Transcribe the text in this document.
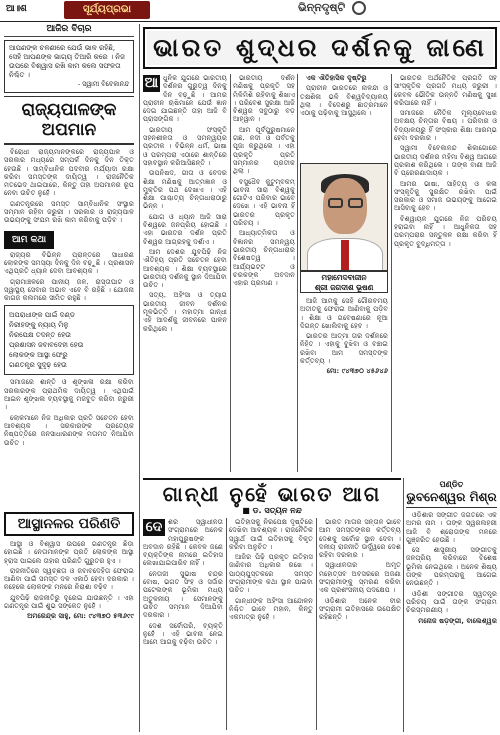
ଆ॥ଶ	ସୂର୍ଯ୍ୟପ୍ରଭା	ଭିନ୍ନଦୃଷ୍ଟି
ଆଜିର ବିଚାର
ଆପଣଙ୍କ ଚଳଣୀରେ ଯେଉଁ ଭାଳ ରହିଛି, ସେହି ଆପଣଙ୍କ ଭାଗ୍ୟ ତିଆରି କରେ । ନିଜ ଉପରେ ବିଶ୍ୱାସ ରଖି କାମ କଲେ ସଫଳତା ନିଶ୍ଚିତ ।
- ସ୍ୱାମୀ ବିବେକାନନ୍ଦ
ରାଜ୍ୟପାଳଙ୍କ ଅପମାନ

ବିରୋଧୀ ରାଜ୍ୟମାନଙ୍କରେ ରାଜ୍ୟପାଳ ଓ ସରକାର ମଧ୍ୟରେ ସମ୍ପର୍କ ଦିନକୁ ଦିନ ତିକ୍ତ ହେଉଛି । ସାମ୍ବିଧାନିକ ପଦବୀର ମର୍ଯ୍ୟାଦା ରକ୍ଷା କରିବା ସମସ୍ତଙ୍କ ଦାୟିତ୍ୱ । ରାଜନୈତିକ ମତଭେଦ ଥାଇପାରେ, କିନ୍ତୁ ତାହା ଅପମାନର ରୂପ ନେବା ଉଚିତ ନୁହେଁ ।

ଗଣତନ୍ତ୍ରରେ ସମସ୍ତ ସାମ୍ବିଧାନିକ ସଂସ୍ଥାର ସମ୍ମାନ ରହିବା ଜରୁରୀ । ସରକାର ଓ ରାଜ୍ୟପାଳ ଉଭୟଙ୍କୁ ସଂଯମ ରଖି କାମ କରିବାକୁ ପଡ଼ିବ ।

ଆମ କଥା

ରାଜ୍ୟର ବିଭିନ୍ନ ପ୍ରାନ୍ତରେ ସାଧାରଣ ଲୋକଙ୍କ ସମସ୍ୟା ଦିନକୁ ଦିନ ବଢ଼ୁଛି । ପ୍ରଶାସନ ଏଥିପ୍ରତି ଧ୍ୟାନ ଦେବା ଆବଶ୍ୟକ ।

ଗ୍ରାମାଞ୍ଚଳରେ ପାନୀୟ ଜଳ, ରାସ୍ତାଘାଟ ଓ ସ୍ୱାସ୍ଥ୍ୟ ସେବାର ଅଭାବ ଏବେ ବି ରହିଛି । ଯୋଜନା କାଗଜ କଲମରେ ସୀମିତ ରହୁଛି ।

ଅପରାଧୀଙ୍କ ପାଇଁ ଦଣ୍ଡ
ନିରୀହଙ୍କୁ ନ୍ୟାୟ ମିଳୁ
ନିରପେକ୍ଷ ତଦନ୍ତ ହେଉ
ପ୍ରଶାସନ ଜବାବଦେହୀ ହେଉ
ଲୋକଙ୍କ ଆସ୍ଥା ଫେରୁ
ଗଣତନ୍ତ୍ର ସୁଦୃଢ଼ ହେଉ

ସମାଜରେ ଶାନ୍ତି ଓ ଶୃଙ୍ଖଳା ରକ୍ଷା କରିବା ସରକାରଙ୍କ ପ୍ରାଥମିକ ଦାୟିତ୍ୱ । ଏଥିପାଇଁ ଆଇନ ଶୃଙ୍ଖଳା ବ୍ୟବସ୍ଥାକୁ ମଜବୁତ କରିବା ଜରୁରୀ ।

ଲୋକମାନେ ନିଜ ଅଧିକାର ପ୍ରତି ସଚେତନ ହେବା ଆବଶ୍ୟକ । ସରକାରଙ୍କ ପ୍ରତ୍ୟେକ ନିଷ୍ପତ୍ତିରେ ଜନସାଧାରଣଙ୍କ ମତାମତ ନିଆଯିବା ଉଚିତ ।

ଆସ୍ଥାନଳର ପରିଣତି

ଆସ୍ଥା ଓ ବିଶ୍ୱାସ ଉପରେ ଗଣତନ୍ତ୍ର ଛିଡ଼ା ହୋଇଛି । ନେତାମାନଙ୍କ ପ୍ରତି ଲୋକଙ୍କ ଆସ୍ଥା ହ୍ରାସ ପାଇଲେ ତାହାର ପରିଣତି ଗୁରୁତର ହୁଏ ।

ରାଜନୀତିରେ ସ୍ୱଚ୍ଛତା ଓ ଜବାବଦେହିତା ଫେରାଇ ଆଣିବା ପାଇଁ ସମସ୍ତ ଦଳ ଏକାଠି ହେବା ଦରକାର । ନହେଲେ ଲୋକଙ୍କ ମନରେ ନିରାଶା ବଢ଼ିବ ।

ଯୁବପିଢ଼ି ରାଜନୀତିରୁ ଦୂରେଇ ଯାଉଛନ୍ତି । ଏହା ଗଣତନ୍ତ୍ର ପାଇଁ ଶୁଭ ସଙ୍କେତ ନୁହେଁ ।

ଅମରେନ୍ଦ୍ର ସାହୁ, ମୋ: ୯୪୩୭୦ ୫୩୬୯୯

ଭାରତ ଶୁଦ୍ଧର ଦର୍ଶନକୁ ଜାଣେ
ଆ ଧୁନିକ ଯୁଗରେ ଭାରତୀୟ ଦର୍ଶନର ଗୁରୁତ୍ୱ ଦିନକୁ ଦିନ ବଢ଼ୁଛି । ଆମର ପ୍ରାଚୀନ ଋଷିମାନେ ଯେଉଁ ଜ୍ଞାନ ଦେଇ ଯାଇଛନ୍ତି ତାହା ଆଜି ବି ପ୍ରାସଙ୍ଗିକ ।

ଭାରତୀୟ ସଂସ୍କୃତି ସହନଶୀଳତା ଓ ସମନ୍ୱୟର ପ୍ରତୀକ । ବିଭିନ୍ନ ଧର୍ମ, ଭାଷା ଓ ପରମ୍ପରା ଏଠାରେ ଶାନ୍ତିରେ ସହାବସ୍ଥାନ କରିଆସିଛନ୍ତି ।

ଉପନିଷଦ, ଗୀତା ଓ ବେଦର ଶିକ୍ଷା ମଣିଷକୁ ଆତ୍ମଜ୍ଞାନ ଓ ମୁକ୍ତିର ପଥ ଦେଖାଏ । ଏହି ଶିକ୍ଷା ପାଶ୍ଚାତ୍ୟ ଚିନ୍ତାଧାରାଠାରୁ ଭିନ୍ନ ।

ଯୋଗ ଓ ଧ୍ୟାନ ଆଜି ସାରା ବିଶ୍ୱରେ ଜନପ୍ରିୟ ହୋଇଛି । ଏହା ଭାରତର ଦର୍ଶନ ପ୍ରତି ବିଶ୍ୱର ଆଗ୍ରହକୁ ଦର୍ଶାଏ ।

ଆମ ଦେଶର ଯୁବପିଢ଼ି ନିଜ ଐତିହ୍ୟ ପ୍ରତି ସଚେତନ ହେବା ଆବଶ୍ୟକ । ଶିକ୍ଷା ବ୍ୟବସ୍ଥାରେ ଭାରତୀୟ ଦର୍ଶନକୁ ସ୍ଥାନ ଦିଆଯିବା ଉଚିତ ।

ସତ୍ୟ, ଅହିଂସା ଓ ତ୍ୟାଗ ଭାରତୀୟ ଜୀବନ ଦର୍ଶନର ମୂଳଭିତ୍ତି । ମହାତ୍ମା ଗାନ୍ଧୀ ଏହି ଆଦର୍ଶକୁ ଜୀବନରେ ପାଳନ କରିଥିଲେ ।

ଭାରତୀୟ ଦର୍ଶନ ମଣିଷକୁ ପ୍ରକୃତି ସହ ମିଳିମିଶି ରହିବାକୁ ଶିଖାଏ । ପରିବେଶ ସୁରକ୍ଷା ଆଜି ବିଶ୍ୱର ସବୁଠାରୁ ବଡ଼ ଆହ୍ୱାନ ।

ଆମ ପୂର୍ବପୁରୁଷମାନେ ଗଛ, ନଦୀ ଓ ପର୍ବତକୁ ପୂଜା କରୁଥିଲେ । ଏହା ପ୍ରକୃତି ପ୍ରତି ସମ୍ମାନର ପ୍ରତୀକ ଥିଲା ।

ବସୁଧୈବ କୁଟୁମ୍ବକମ୍ ଭାବନା ସାରା ବିଶ୍ୱକୁ ଗୋଟିଏ ପରିବାର ଭାବେ ଦେଖେ । ଏହି ଭାବନା ହିଁ ଭାରତର ପ୍ରକୃତ ପରିଚୟ ।

ଆଧ୍ୟାତ୍ମିକତା ଓ ବିଜ୍ଞାନର ସମନ୍ୱୟ ଭାରତୀୟ ଚିନ୍ତାଧାରାର ବିଶେଷତ୍ୱ । ଆର୍ଯ୍ୟଭଟ୍ଟ ଓ ଚରକଙ୍କ ଅବଦାନ ଏହାର ପ୍ରମାଣ ।

ଏକ ଐତିହାସିକ ଦୃଷ୍ଟିରୁ

ପ୍ରାଚୀନ ଭାରତରେ ନାଳନ୍ଦା ଓ ତକ୍ଷଶିଳା ଭଳି ବିଶ୍ୱବିଦ୍ୟାଳୟ ଥିଲା । ବିଦେଶରୁ ଛାତ୍ରମାନେ ଏଠାକୁ ପଢ଼ିବାକୁ ଆସୁଥିଲେ ।

ମହାମେଦବାଜୀନ
ଶ୍ରୀ ଜଗଦୀଶ ଭୂଷଣ

ଆଜି ଆମକୁ ସେହି ଗୌରବମୟ ଅତୀତକୁ ଫେରାଇ ଆଣିବାକୁ ପଡ଼ିବ । ଶିକ୍ଷା ଓ ଗବେଷଣାରେ ନୂଆ ଦିଗନ୍ତ ଖୋଲିବାକୁ ହେବ ।

ଭାରତର ଆତ୍ମା ତାର ଦର୍ଶନରେ ନିହିତ । ଏହାକୁ ବୁଝିବା ଓ ବଞ୍ଚାଇ ରଖିବା ଆମ ସମସ୍ତଙ୍କ କର୍ତ୍ତବ୍ୟ ।

ମୋ: ୯୪୩୭୦ ୪୫୬୪୬

ଭାରତର ଅର୍ଥନୈତିକ ପ୍ରଗତି ସହ ସାଂସ୍କୃତିକ ପ୍ରଗତି ମଧ୍ୟ ଜରୁରୀ । କେବଳ ଭୌତିକ ଉନ୍ନତି ମଣିଷକୁ ସୁଖୀ କରିପାରେ ନାହିଁ ।

ସମାଜରେ ନୈତିକ ମୂଲ୍ୟବୋଧର ଅବକ୍ଷୟ ଚିନ୍ତାର ବିଷୟ । ପରିବାର ଓ ବିଦ୍ୟାଳୟରୁ ହିଁ ସଂସ୍କାର ଶିକ୍ଷା ଆରମ୍ଭ ହେବା ଦରକାର ।

ସ୍ୱାମୀ ବିବେକାନନ୍ଦ ଶିକାଗୋରେ ଭାରତୀୟ ଦର୍ଶନର ମହିମା ବିଶ୍ୱ ଆଗରେ ପ୍ରକାଶ କରିଥିଲେ । ତାଙ୍କ ବାଣୀ ଆଜି ବି ପ୍ରେରଣାଦାୟକ ।

ଆମର ଭାଷା, ସାହିତ୍ୟ ଓ କଳା ସଂସ୍କୃତିକୁ ସୁରକ୍ଷିତ ରଖିବା ପାଇଁ ସରକାର ଓ ସମାଜ ଉଭୟଙ୍କୁ ଆଗେଇ ଆସିବାକୁ ହେବ ।

ବିଶ୍ୱାୟନ ଯୁଗରେ ନିଜ ପରିଚୟ ହରାଇବା ନାହିଁ । ଆଧୁନିକତା ସହ ପରମ୍ପରାର ସନ୍ତୁଳନ ରକ୍ଷା କରିବା ହିଁ ପ୍ରକୃତ ବୁଦ୍ଧିମତ୍ତା ।

ଗାନ୍ଧୀ ନୁହେଁ ଭାରତ ଆଗ
■ ଡ. ସତ୍ୟନ ନନ୍ଦ
ଦେ ଶର ସ୍ୱାଧୀନତା ସଂଗ୍ରାମରେ ଅନେକ ମହାପୁରୁଷଙ୍କ ଅବଦାନ ରହିଛି । କେବଳ ଜଣେ ବ୍ୟକ୍ତିଙ୍କ ନାମରେ ଇତିହାସ ଲେଖାଯାଇପାରିବ ନାହିଁ ।

ନେତାଜୀ ସୁଭାଷ ଚନ୍ଦ୍ର ବୋଷ, ଭଗତ ସିଂହ ଓ ସର୍ଦ୍ଦାର ପଟେଲଙ୍କ ଭୂମିକା ମଧ୍ୟ ଅତୁଳନୀୟ । ସେମାନଙ୍କୁ ଉଚିତ ସମ୍ମାନ ଦିଆଯିବା ଦରକାର ।

ଦେଶ ସର୍ବୋପରି, ବ୍ୟକ୍ତି ନୁହେଁ । ଏହି ଭାବନା ନେଇ ଆମେ ଆଗକୁ ବଢ଼ିବା ଉଚିତ ।

ଇତିହାସକୁ ନିରପେକ୍ଷ ଦୃଷ୍ଟିରେ ଦେଖିବା ଆବଶ୍ୟକ । ରାଜନୈତିକ ସ୍ୱାର୍ଥ ପାଇଁ ଇତିହାସକୁ ବିକୃତ କରିବା ଅନୁଚିତ ।

ଆଜିର ପିଢ଼ି ପ୍ରକୃତ ଇତିହାସ ଜାଣିବାର ଅଧିକାର ରଖେ । ପାଠ୍ୟପୁସ୍ତକରେ ସମସ୍ତ ସଂଗ୍ରାମୀଙ୍କ କଥା ସ୍ଥାନ ପାଇବା ଉଚିତ ।

ଗାନ୍ଧୀଙ୍କ ଅହିଂସା ଆନ୍ଦୋଳନ ନିଶ୍ଚିତ ଭାବେ ମହାନ, କିନ୍ତୁ ଏକମାତ୍ର ନୁହେଁ ।

ଭାରତ ମାତାର ସନ୍ତାନ ଭାବେ ଆମ ସମସ୍ତଙ୍କର କର୍ତ୍ତବ୍ୟ ଦେଶକୁ ସର୍ବୋଚ୍ଚ ସ୍ଥାନ ଦେବା । ଦଳୀୟ ରାଜନୀତି ଊର୍ଦ୍ଧ୍ୱରେ ଦେଶ ରହିବା ଦରକାର ।

ସ୍ୱାଧୀନତାର ଅମୃତ ମହୋତ୍ସବ ଅବସରରେ ଅଜଣା ସଂଗ୍ରାମୀଙ୍କୁ ସ୍ମରଣ କରିବା ଏକ ପ୍ରଶଂସନୀୟ ପଦକ୍ଷେପ ।

ଓଡ଼ିଶାର ଅନେକ ବୀର ସଂଗ୍ରାମୀ ଇତିହାସରେ ଉପେକ୍ଷିତ ରହିଛନ୍ତି ।

ପଣ୍ଡିତ
ଭୁବନେଶ୍ୱର ମିଶ୍ର

ଓଡ଼ିଶାର ସଙ୍ଗୀତ ଜଗତରେ ଏକ ଅମର ନାମ । ତାଙ୍କ ସ୍ୱରଲହରୀ ଆଜି ବି ଶ୍ରୋତାଙ୍କ ମନରେ ଗୁଞ୍ଜରିତ ହେଉଛି ।

ସେ ଶାସ୍ତ୍ରୀୟ ସଙ୍ଗୀତକୁ ଜନପ୍ରିୟ କରିବାରେ ବିଶେଷ ଭୂମିକା ନେଇଥିଲେ । ଅନେକ ଶିଷ୍ୟ ତାଙ୍କ ପରମ୍ପରାକୁ ଆଗେଇ ନେଉଛନ୍ତି ।

ଓଡ଼ିଶୀ ସଙ୍ଗୀତର ସ୍ୱତନ୍ତ୍ର ପରିଚୟ ପାଇଁ ତାଙ୍କ ସଂଗ୍ରାମ ଚିରସ୍ମରଣୀୟ ।

ମନୋଜ ଷଡ଼ଙ୍ଗୀ, ବାଲେଶ୍ୱର
